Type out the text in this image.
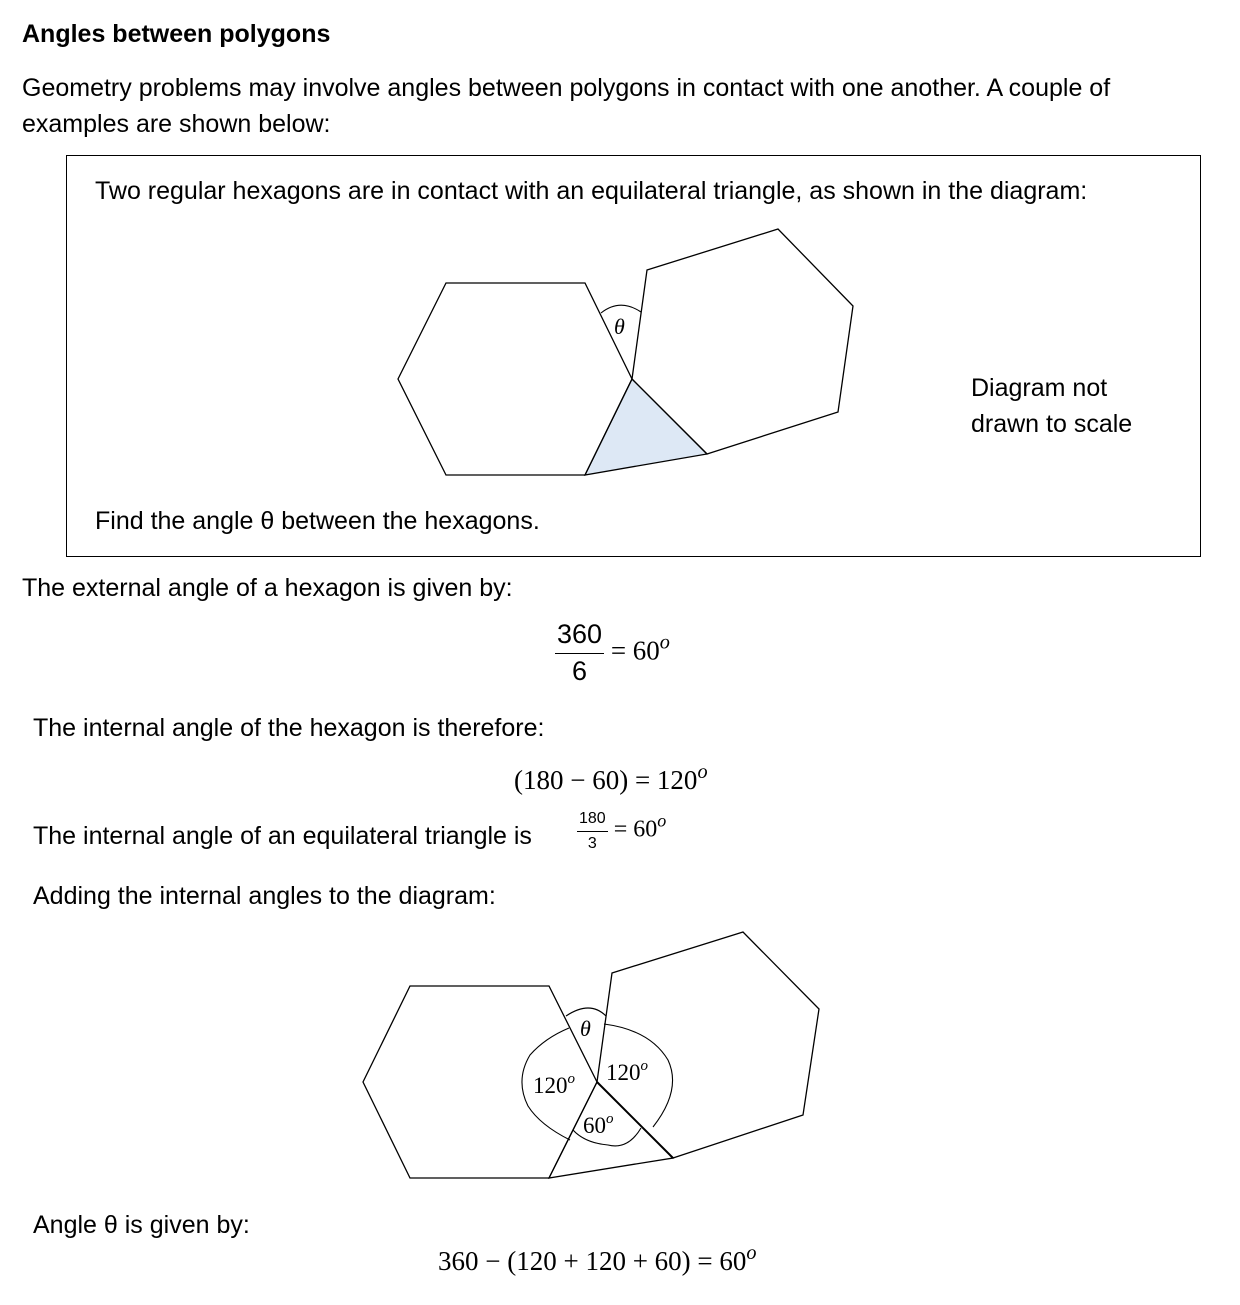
Angles between polygons
Geometry problems may involve angles between polygons in contact with one another. A couple of
examples are shown below:
Two regular hexagons are in contact with an equilateral triangle, as shown in the diagram:
Diagram not
drawn to scale
Find the angle θ between the hexagons.
θ
The external angle of a hexagon is given by:
$\frac{360}{6} = 60^o$
The internal angle of the hexagon is therefore:
$(180 - 60) = 120^o$
The internal angle of an equilateral triangle is	$\frac{180}{3} = 60^o$
Adding the internal angles to the diagram:
θ
120$^o$ 120$^o$
60$^o$
Angle θ is given by:
$360 - (120 + 120 + 60) = 60^o$
